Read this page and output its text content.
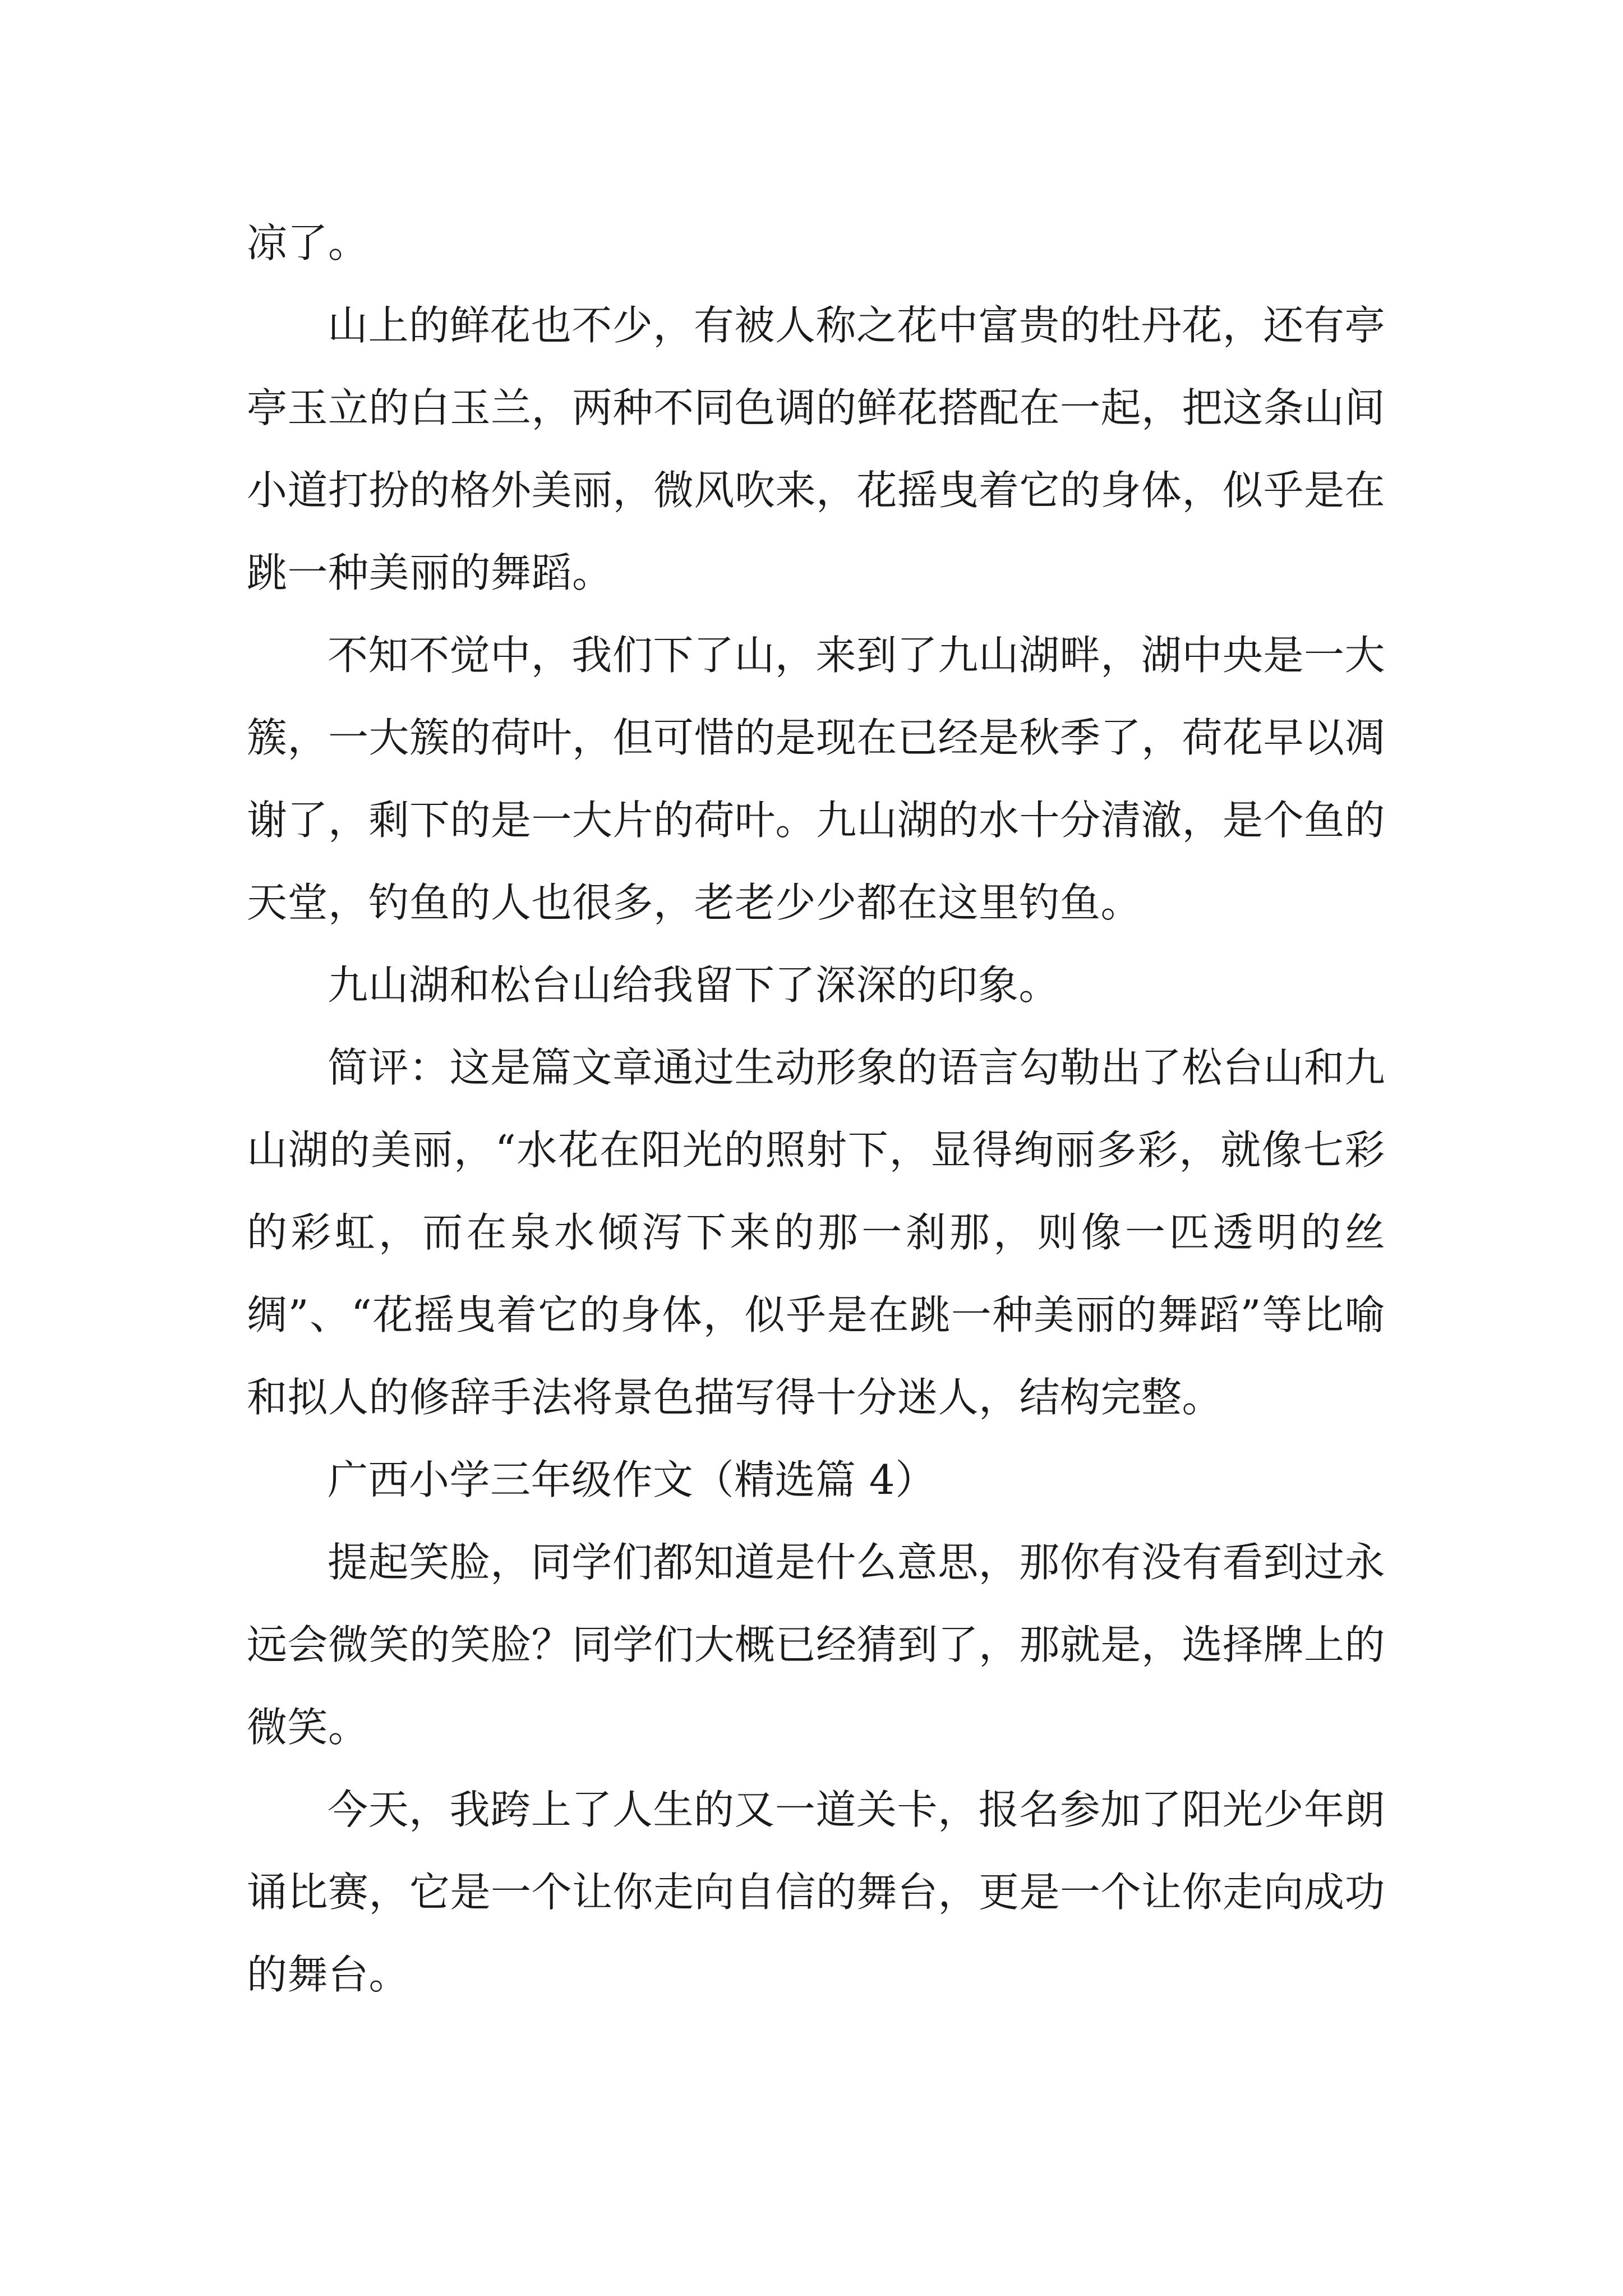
凉了。

山上的鲜花也不少，有被人称之花中富贵的牡丹花，还有亭亭玉立的白玉兰，两种不同色调的鲜花搭配在一起，把这条山间小道打扮的格外美丽，微风吹来，花摇曳着它的身体，似乎是在跳一种美丽的舞蹈。

不知不觉中，我们下了山，来到了九山湖畔，湖中央是一大簇，一大簇的荷叶，但可惜的是现在已经是秋季了，荷花早以凋谢了，剩下的是一大片的荷叶。九山湖的水十分清澈，是个鱼的天堂，钓鱼的人也很多，老老少少都在这里钓鱼。

九山湖和松台山给我留下了深深的印象。

简评：这是篇文章通过生动形象的语言勾勒出了松台山和九山湖的美丽，“水花在阳光的照射下，显得绚丽多彩，就像七彩的彩虹，而在泉水倾泻下来的那一刹那，则像一匹透明的丝绸”、“花摇曳着它的身体，似乎是在跳一种美丽的舞蹈”等比喻和拟人的修辞手法将景色描写得十分迷人，结构完整。

广西小学三年级作文（精选篇 4）

提起笑脸，同学们都知道是什么意思，那你有没有看到过永远会微笑的笑脸？同学们大概已经猜到了，那就是，选择牌上的微笑。

今天，我跨上了人生的又一道关卡，报名参加了阳光少年朗诵比赛，它是一个让你走向自信的舞台，更是一个让你走向成功的舞台。
